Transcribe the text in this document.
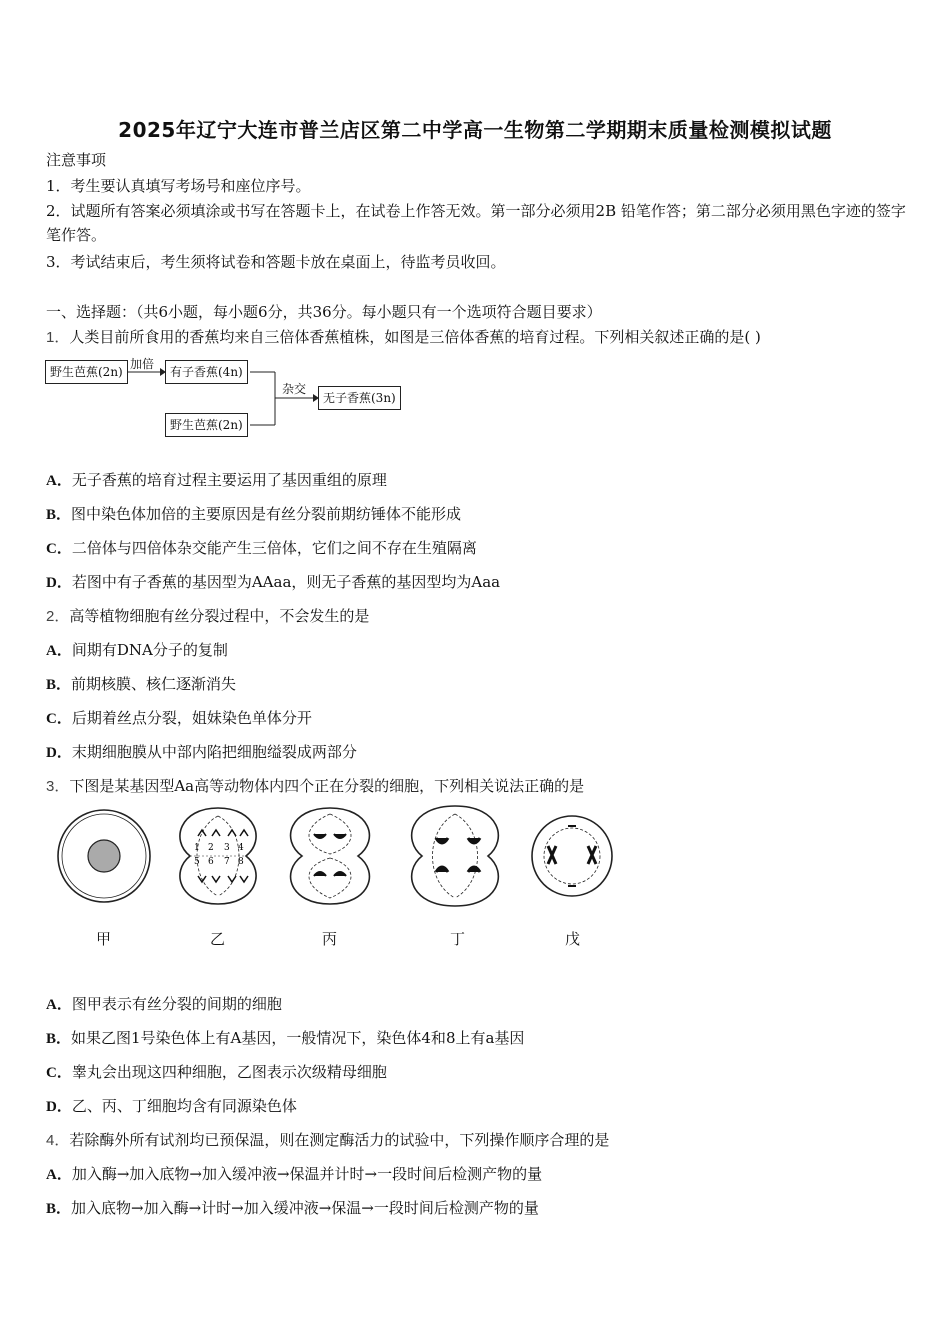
2025年辽宁大连市普兰店区第二中学高一生物第二学期期末质量检测模拟试题
注意事项
1．考生要认真填写考场号和座位序号。
2．试题所有答案必须填涂或书写在答题卡上，在试卷上作答无效。第一部分必须用2B 铅笔作答；第二部分必须用黑色字迹的签字笔作答。
3．考试结束后，考生须将试卷和答题卡放在桌面上，待监考员收回。
一、选择题：（共6小题，每小题6分，共36分。每小题只有一个选项符合题目要求）
1．人类目前所食用的香蕉均来自三倍体香蕉植株，如图是三倍体香蕉的培育过程。下列相关叙述正确的是( )
野生芭蕉(2n)
加倍
有子香蕉(4n)
野生芭蕉(2n)
杂交
无子香蕉(3n)
A．无子香蕉的培育过程主要运用了基因重组的原理
B．图中染色体加倍的主要原因是有丝分裂前期纺锤体不能形成
C．二倍体与四倍体杂交能产生三倍体，它们之间不存在生殖隔离
D．若图中有子香蕉的基因型为AAaa，则无子香蕉的基因型均为Aaa
2．高等植物细胞有丝分裂过程中，不会发生的是
A．间期有DNA分子的复制
B．前期核膜、核仁逐渐消失
C．后期着丝点分裂，姐妹染色单体分开
D．末期细胞膜从中部内陷把细胞缢裂成两部分
3．下图是某基因型Aa高等动物体内四个正在分裂的细胞，下列相关说法正确的是
1
5
2
6
3
7
4
8
甲	乙	丙	丁	戊
A．图甲表示有丝分裂的间期的细胞
B．如果乙图1号染色体上有A基因，一般情况下，染色体4和8上有a基因
C．睾丸会出现这四种细胞，乙图表示次级精母细胞
D．乙、丙、丁细胞均含有同源染色体
4．若除酶外所有试剂均已预保温，则在测定酶活力的试验中，下列操作顺序合理的是
A．加入酶→加入底物→加入缓冲液→保温并计时→一段时间后检测产物的量
B．加入底物→加入酶→计时→加入缓冲液→保温→一段时间后检测产物的量
